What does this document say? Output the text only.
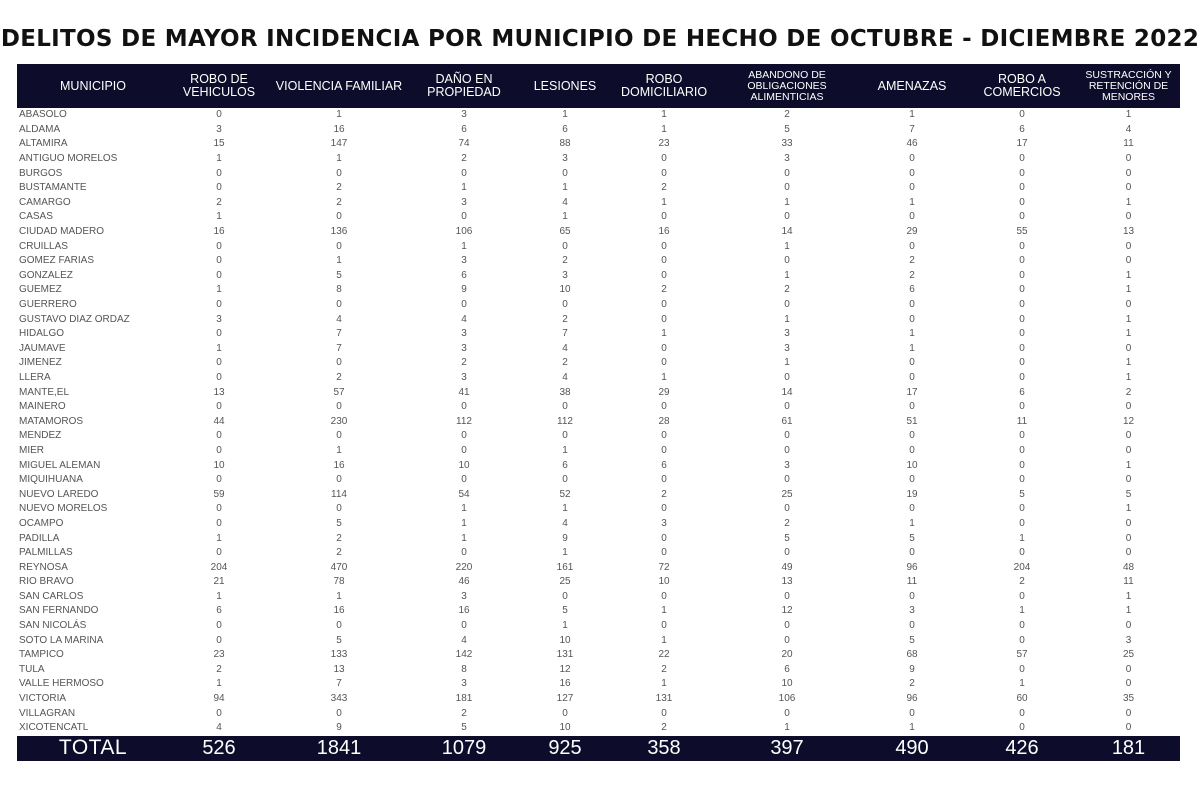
DELITOS DE MAYOR INCIDENCIA POR MUNICIPIO DE HECHO DE OCTUBRE - DICIEMBRE 2022
MUNICIPIO	ROBO DE VEHICULOS	VIOLENCIA FAMILIAR	DAÑO EN PROPIEDAD	LESIONES	ROBO DOMICILIARIO	ABANDONO DE OBLIGACIONES ALIMENTICIAS	AMENAZAS	ROBO A COMERCIOS	SUSTRACCIÓN Y RETENCIÓN DE MENORES
ABASOLO	0	1	3	1	1	2	1	0	1
ALDAMA	3	16	6	6	1	5	7	6	4
ALTAMIRA	15	147	74	88	23	33	46	17	11
ANTIGUO MORELOS	1	1	2	3	0	3	0	0	0
BURGOS	0	0	0	0	0	0	0	0	0
BUSTAMANTE	0	2	1	1	2	0	0	0	0
CAMARGO	2	2	3	4	1	1	1	0	1
CASAS	1	0	0	1	0	0	0	0	0
CIUDAD MADERO	16	136	106	65	16	14	29	55	13
CRUILLAS	0	0	1	0	0	1	0	0	0
GOMEZ FARIAS	0	1	3	2	0	0	2	0	0
GONZALEZ	0	5	6	3	0	1	2	0	1
GUEMEZ	1	8	9	10	2	2	6	0	1
GUERRERO	0	0	0	0	0	0	0	0	0
GUSTAVO DIAZ ORDAZ	3	4	4	2	0	1	0	0	1
HIDALGO	0	7	3	7	1	3	1	0	1
JAUMAVE	1	7	3	4	0	3	1	0	0
JIMENEZ	0	0	2	2	0	1	0	0	1
LLERA	0	2	3	4	1	0	0	0	1
MANTE,EL	13	57	41	38	29	14	17	6	2
MAINERO	0	0	0	0	0	0	0	0	0
MATAMOROS	44	230	112	112	28	61	51	11	12
MENDEZ	0	0	0	0	0	0	0	0	0
MIER	0	1	0	1	0	0	0	0	0
MIGUEL ALEMAN	10	16	10	6	6	3	10	0	1
MIQUIHUANA	0	0	0	0	0	0	0	0	0
NUEVO LAREDO	59	114	54	52	2	25	19	5	5
NUEVO MORELOS	0	0	1	1	0	0	0	0	1
OCAMPO	0	5	1	4	3	2	1	0	0
PADILLA	1	2	1	9	0	5	5	1	0
PALMILLAS	0	2	0	1	0	0	0	0	0
REYNOSA	204	470	220	161	72	49	96	204	48
RIO BRAVO	21	78	46	25	10	13	11	2	11
SAN CARLOS	1	1	3	0	0	0	0	0	1
SAN FERNANDO	6	16	16	5	1	12	3	1	1
SAN NICOLÁS	0	0	0	1	0	0	0	0	0
SOTO LA MARINA	0	5	4	10	1	0	5	0	3
TAMPICO	23	133	142	131	22	20	68	57	25
TULA	2	13	8	12	2	6	9	0	0
VALLE HERMOSO	1	7	3	16	1	10	2	1	0
VICTORIA	94	343	181	127	131	106	96	60	35
VILLAGRAN	0	0	2	0	0	0	0	0	0
XICOTENCATL	4	9	5	10	2	1	1	0	0
TOTAL	526	1841	1079	925	358	397	490	426	181
